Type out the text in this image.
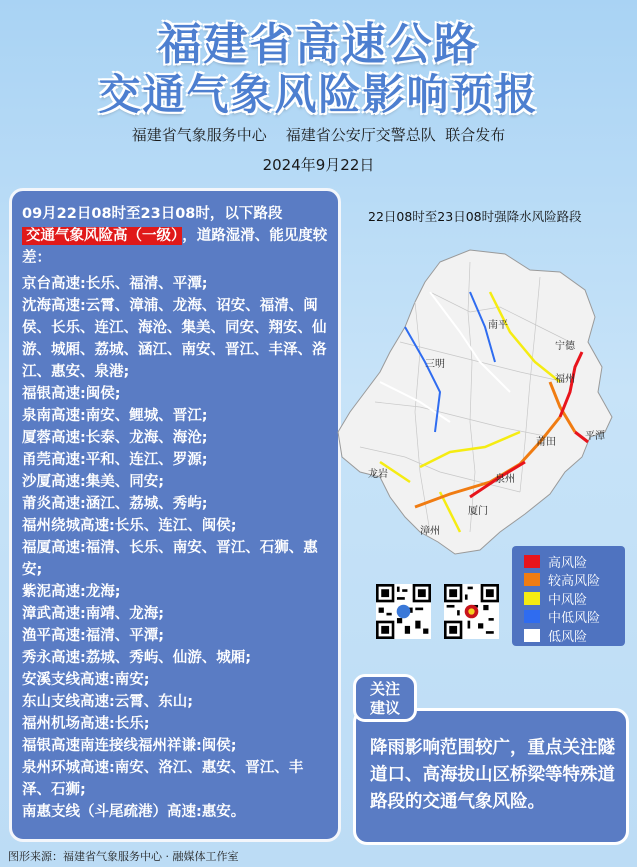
福建省高速公路
交通气象风险影响预报
福建省气象服务中心    福建省公安厅交警总队  联合发布
2024年9月22日
09月22日08时至23日08时，以下路段
交通气象风险高（一级） ，道路湿滑、能见度较差：
京台高速:长乐、福清、平潭;
沈海高速:云霄、漳浦、龙海、诏安、福清、闽侯、长乐、连江、海沧、集美、同安、翔安、仙游、城厢、荔城、涵江、南安、晋江、丰泽、洛江、惠安、泉港;
福银高速:闽侯;
泉南高速:南安、鲤城、晋江;
厦蓉高速:长泰、龙海、海沧;
甬莞高速:平和、连江、罗源;
沙厦高速:集美、同安;
莆炎高速:涵江、荔城、秀屿;
福州绕城高速:长乐、连江、闽侯;
福厦高速:福清、长乐、南安、晋江、石狮、惠安;
紫泥高速:龙海;
漳武高速:南靖、龙海;
渔平高速:福清、平潭;
秀永高速:荔城、秀屿、仙游、城厢;
安溪支线高速:南安;
东山支线高速:云霄、东山;
福州机场高速:长乐;
福银高速南连接线福州祥谦:闽侯;
泉州环城高速:南安、洛江、惠安、晋江、丰泽、石狮;
南惠支线（斗尾疏港）高速:惠安。
22日08时至23日08时强降水风险路段
南平
宁德
福州
三明
莆田
平潭
泉州
龙岩
厦门
漳州
高风险
较高风险
中风险
中低风险
低风险
降雨影响范围较广，重点关注隧道口、高海拔山区桥梁等特殊道路段的交通气象风险。
关注
建议
图形来源：福建省气象服务中心 · 融媒体工作室
